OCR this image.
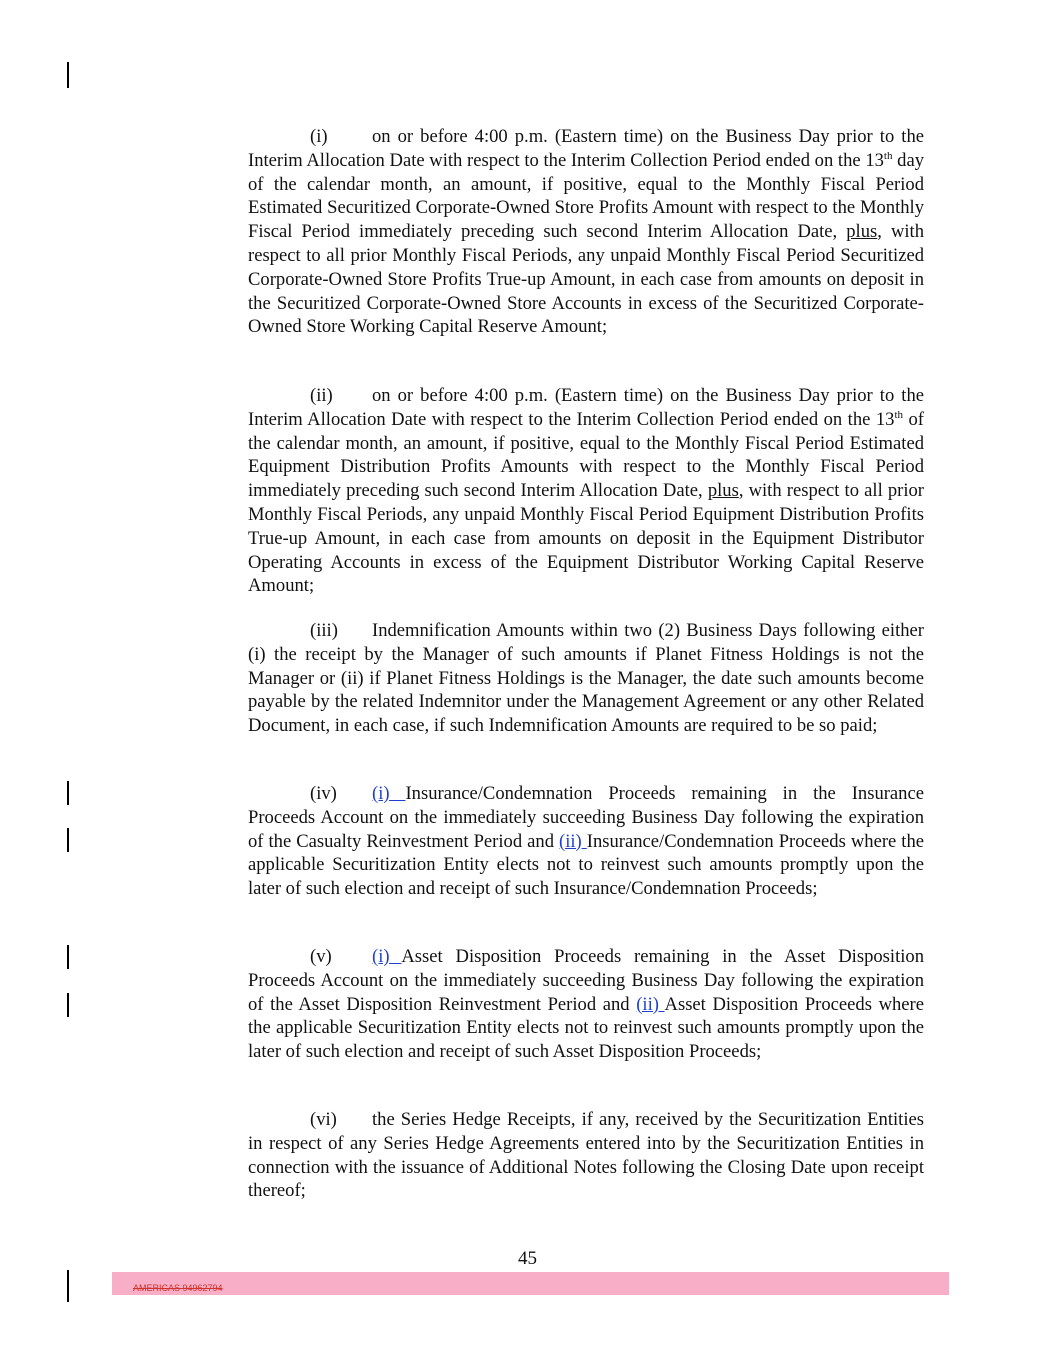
(i) on or before 4:00 p.m. (Eastern time) on the Business Day prior to the Interim Allocation Date with respect to the Interim Collection Period ended on the 13th day of the calendar month, an amount, if positive, equal to the Monthly Fiscal Period Estimated Securitized Corporate-Owned Store Profits Amount with respect to the Monthly Fiscal Period immediately preceding such second Interim Allocation Date, plus, with respect to all prior Monthly Fiscal Periods, any unpaid Monthly Fiscal Period Securitized Corporate-Owned Store Profits True-up Amount, in each case from amounts on deposit in the Securitized Corporate-Owned Store Accounts in excess of the Securitized Corporate-Owned Store Working Capital Reserve Amount;

(ii) on or before 4:00 p.m. (Eastern time) on the Business Day prior to the Interim Allocation Date with respect to the Interim Collection Period ended on the 13th of the calendar month, an amount, if positive, equal to the Monthly Fiscal Period Estimated Equipment Distribution Profits Amounts with respect to the Monthly Fiscal Period immediately preceding such second Interim Allocation Date, plus, with respect to all prior Monthly Fiscal Periods, any unpaid Monthly Fiscal Period Equipment Distribution Profits True-up Amount, in each case from amounts on deposit in the Equipment Distributor Operating Accounts in excess of the Equipment Distributor Working Capital Reserve Amount;

(iii) Indemnification Amounts within two (2) Business Days following either (i) the receipt by the Manager of such amounts if Planet Fitness Holdings is not the Manager or (ii) if Planet Fitness Holdings is the Manager, the date such amounts become payable by the related Indemnitor under the Management Agreement or any other Related Document, in each case, if such Indemnification Amounts are required to be so paid;

(iv) (i) Insurance/Condemnation Proceeds remaining in the Insurance Proceeds Account on the immediately succeeding Business Day following the expiration of the Casualty Reinvestment Period and (ii) Insurance/Condemnation Proceeds where the applicable Securitization Entity elects not to reinvest such amounts promptly upon the later of such election and receipt of such Insurance/Condemnation Proceeds;

(v) (i) Asset Disposition Proceeds remaining in the Asset Disposition Proceeds Account on the immediately succeeding Business Day following the expiration of the Asset Disposition Reinvestment Period and (ii) Asset Disposition Proceeds where the applicable Securitization Entity elects not to reinvest such amounts promptly upon the later of such election and receipt of such Asset Disposition Proceeds;

(vi) the Series Hedge Receipts, if any, received by the Securitization Entities in respect of any Series Hedge Agreements entered into by the Securitization Entities in connection with the issuance of Additional Notes following the Closing Date upon receipt thereof;

45
AMERICAS 94962794
